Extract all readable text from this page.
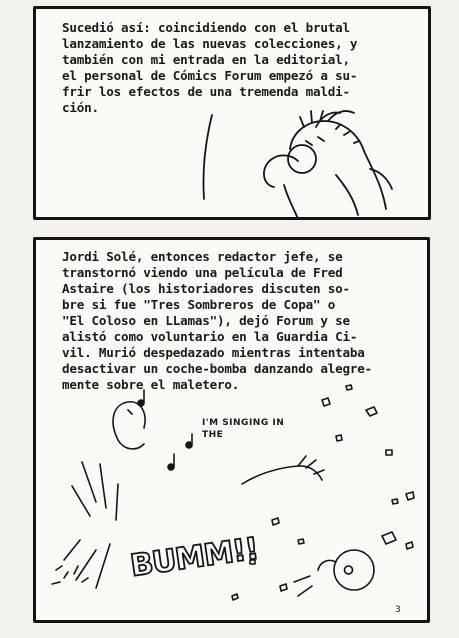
Sucedió así: coincidiendo con el brutal
lanzamiento de las nuevas colecciones, y
también con mi entrada en la editorial,
el personal de Cómics Forum empezó a su-
frir los efectos de una tremenda maldi-
ción.

Jordi Solé, entonces redactor jefe, se
transtornó viendo una película de Fred
Astaire (los historiadores discuten so-
bre si fue "Tres Sombreros de Copa" o
"El Coloso en LLamas"), dejó Forum y se
alistó como voluntario en la Guardia Ci-
vil. Murió despedazado mientras intentaba
desactivar un coche-bomba danzando alegre-
mente sobre el maletero.

I'M SINGING IN
THE
BUMM!!
3
